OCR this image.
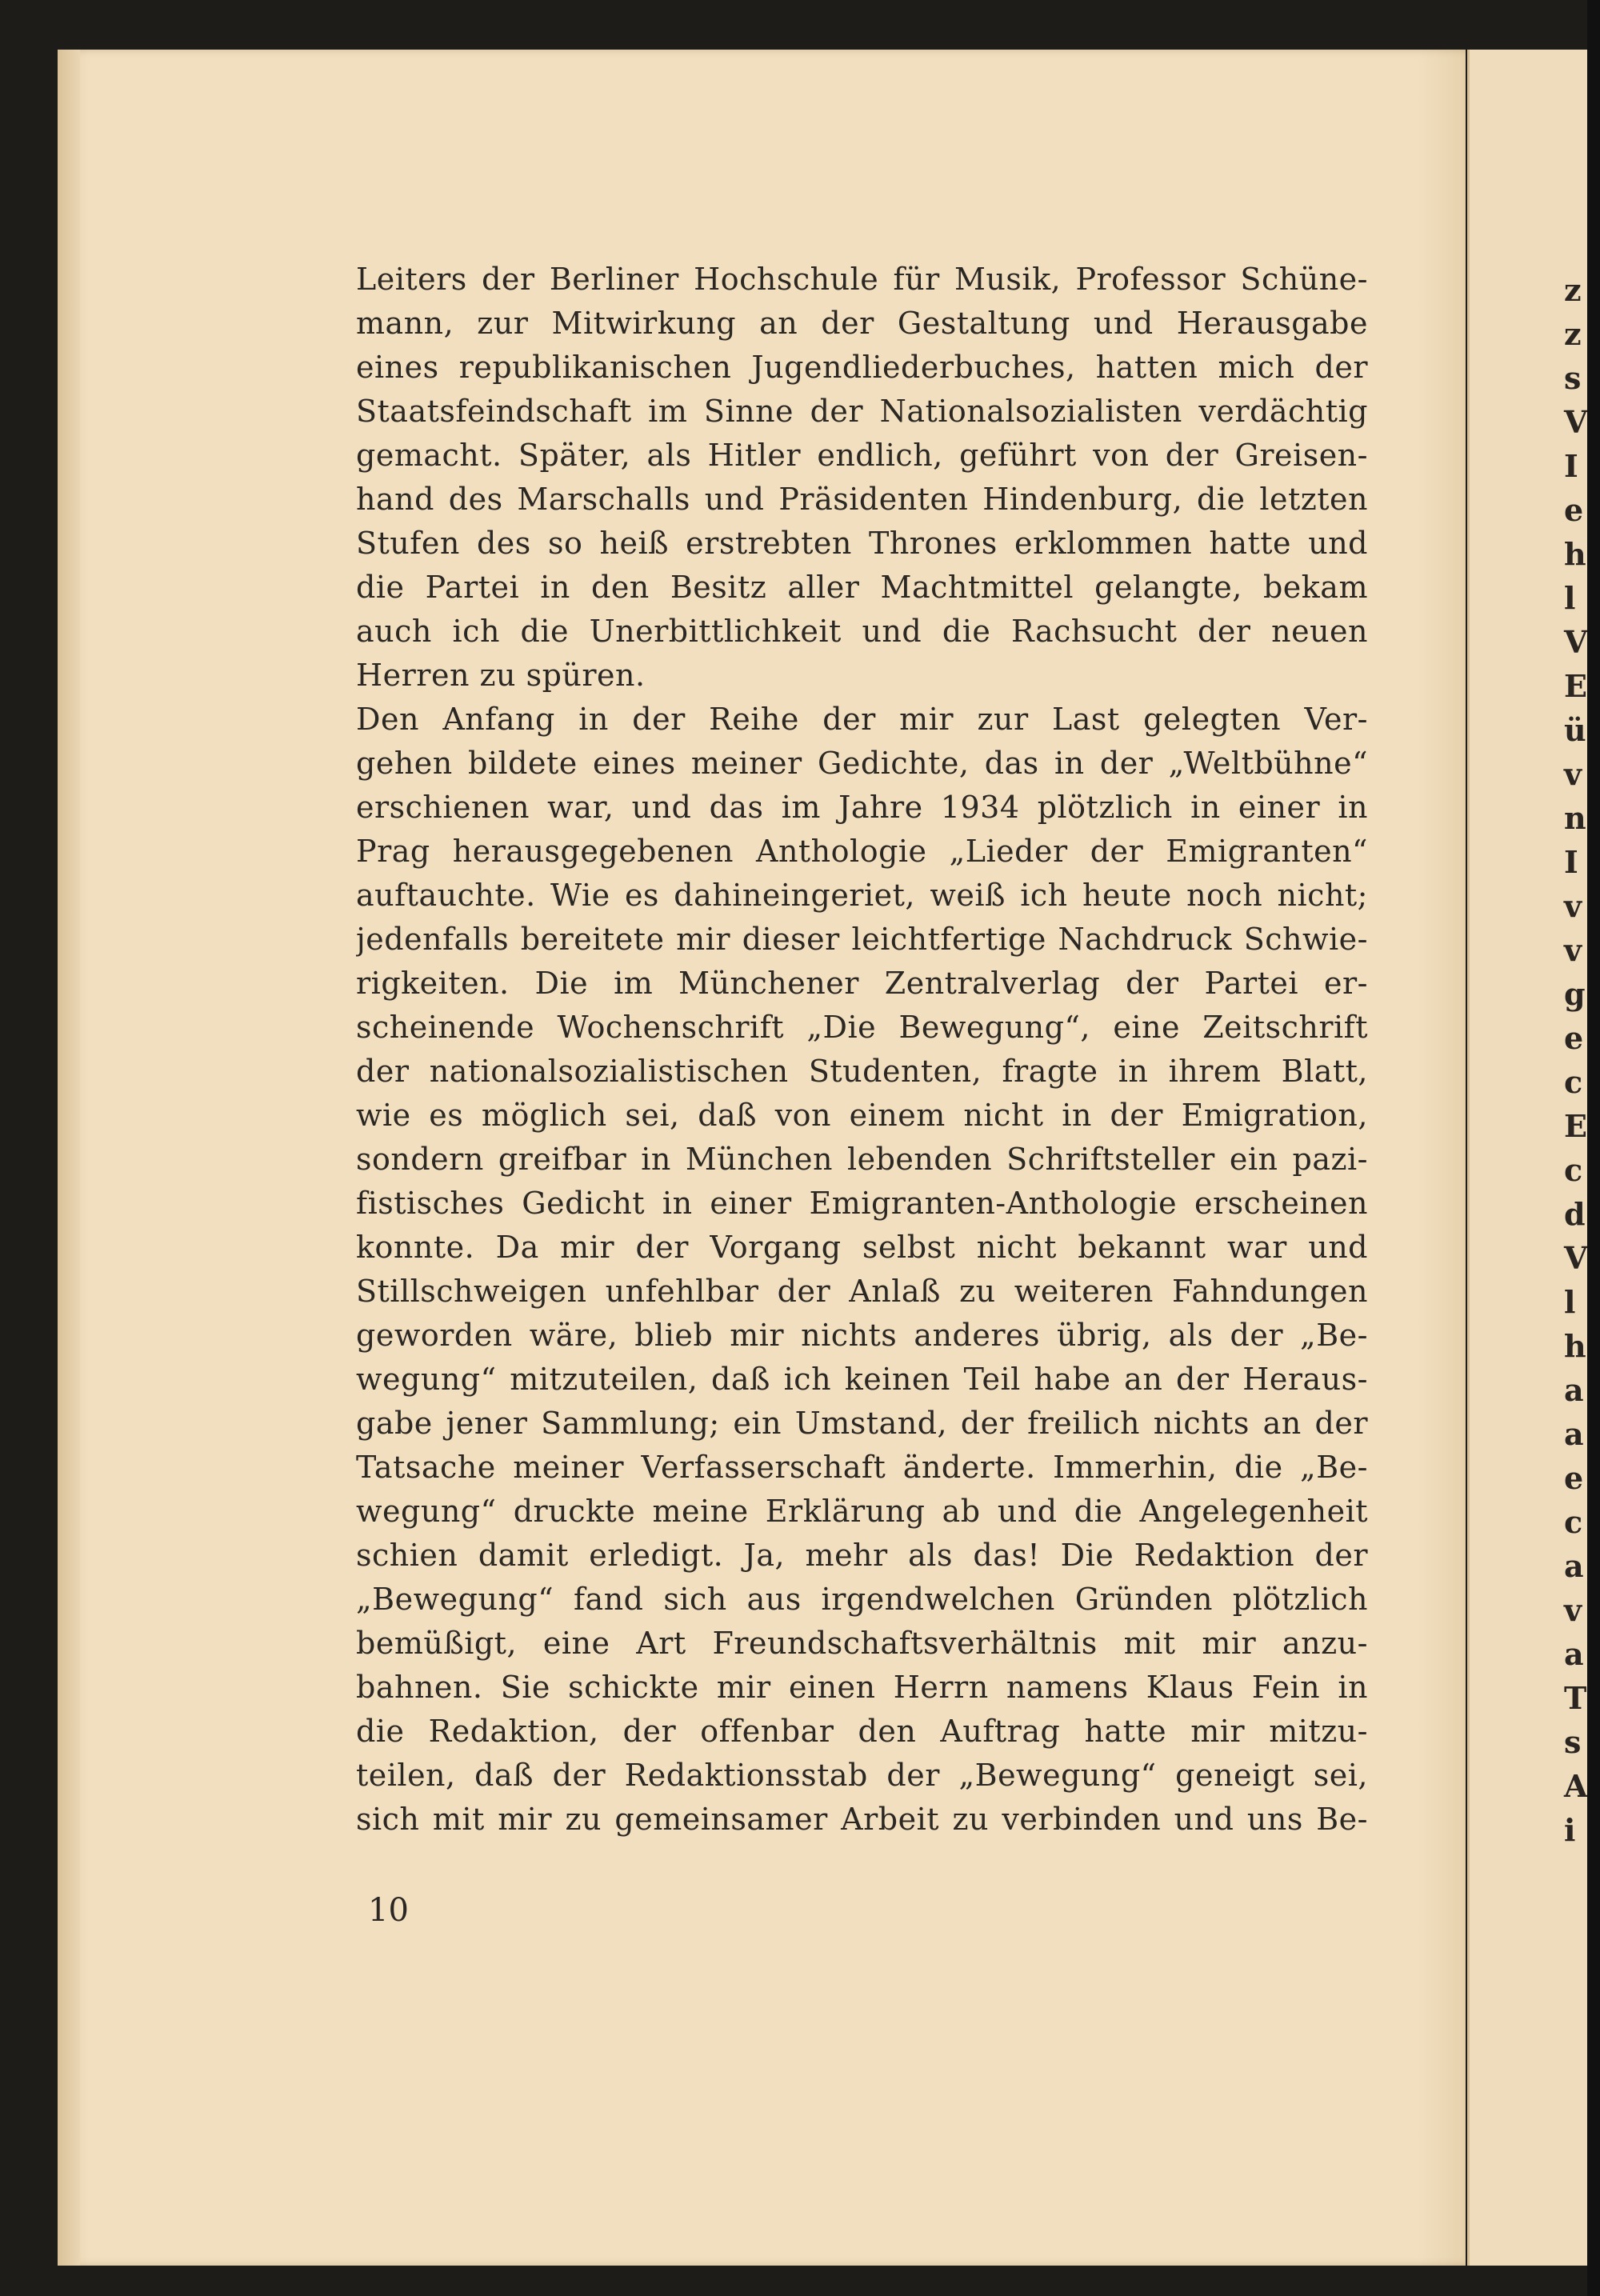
z
z
s
V
I
e
h
l
V
E
ü
v
n
I
v
v
g
e
c
E
c
d
V
l
h
a
a
e
c
a
v
a
T
s
A
i
Leiters der Berliner Hochschule für Musik, Professor Schüne-
mann, zur Mitwirkung an der Gestaltung und Herausgabe
eines republikanischen Jugendliederbuches, hatten mich der
Staatsfeindschaft im Sinne der Nationalsozialisten verdächtig
gemacht. Später, als Hitler endlich, geführt von der Greisen-
hand des Marschalls und Präsidenten Hindenburg, die letzten
Stufen des so heiß erstrebten Thrones erklommen hatte und
die Partei in den Besitz aller Machtmittel gelangte, bekam
auch ich die Unerbittlichkeit und die Rachsucht der neuen
Herren zu spüren.
Den Anfang in der Reihe der mir zur Last gelegten Ver-
gehen bildete eines meiner Gedichte, das in der „Weltbühne“
erschienen war, und das im Jahre 1934 plötzlich in einer in
Prag herausgegebenen Anthologie „Lieder der Emigranten“
auftauchte. Wie es dahineingeriet, weiß ich heute noch nicht;
jedenfalls bereitete mir dieser leichtfertige Nachdruck Schwie-
rigkeiten. Die im Münchener Zentralverlag der Partei er-
scheinende Wochenschrift „Die Bewegung“, eine Zeitschrift
der nationalsozialistischen Studenten, fragte in ihrem Blatt,
wie es möglich sei, daß von einem nicht in der Emigration,
sondern greifbar in München lebenden Schriftsteller ein pazi-
fistisches Gedicht in einer Emigranten-Anthologie erscheinen
konnte. Da mir der Vorgang selbst nicht bekannt war und
Stillschweigen unfehlbar der Anlaß zu weiteren Fahndungen
geworden wäre, blieb mir nichts anderes übrig, als der „Be-
wegung“ mitzuteilen, daß ich keinen Teil habe an der Heraus-
gabe jener Sammlung; ein Umstand, der freilich nichts an der
Tatsache meiner Verfasserschaft änderte. Immerhin, die „Be-
wegung“ druckte meine Erklärung ab und die Angelegenheit
schien damit erledigt. Ja, mehr als das! Die Redaktion der
„Bewegung“ fand sich aus irgendwelchen Gründen plötzlich
bemüßigt, eine Art Freundschaftsverhältnis mit mir anzu-
bahnen. Sie schickte mir einen Herrn namens Klaus Fein in
die Redaktion, der offenbar den Auftrag hatte mir mitzu-
teilen, daß der Redaktionsstab der „Bewegung“ geneigt sei,
sich mit mir zu gemeinsamer Arbeit zu verbinden und uns Be-
10
